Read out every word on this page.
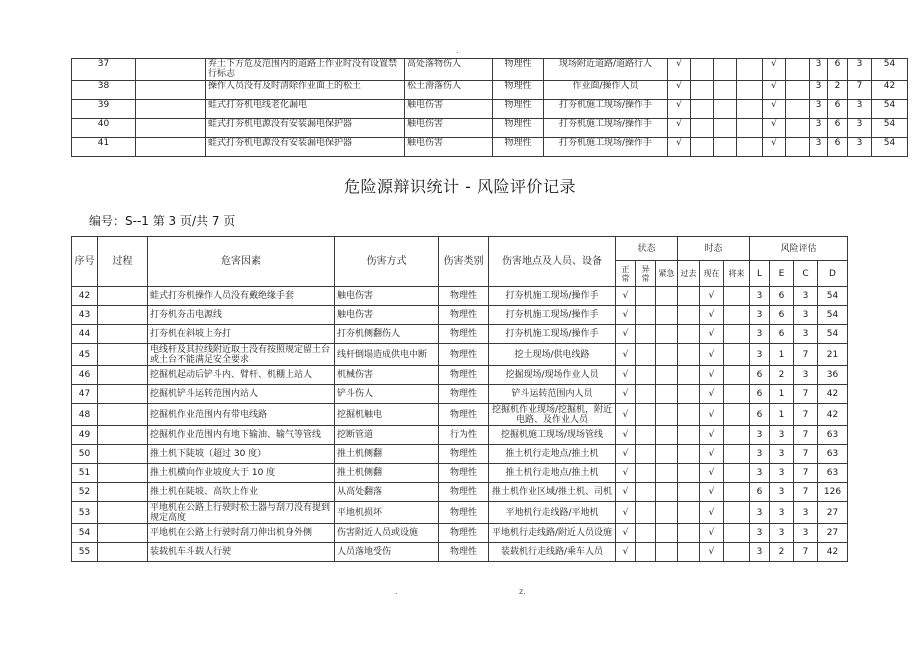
.
37		弃土下方危及范围内的道路上作业时没有设置禁行标志	高处落物伤人	物理性	现场附近道路/道路行人	√				√		3	6	3	54
38		操作人员没有及时清除作业面上的松土	松土滑落伤人	物理性	作业面/操作人员	√				√		3	2	7	42
39		蛙式打夯机电线老化漏电	触电伤害	物理性	打夯机施工现场/操作手	√				√		3	6	3	54
40		蛙式打夯机电源没有安装漏电保护器	触电伤害	物理性	打夯机施工现场/操作手	√				√		3	6	3	54
41		蛙式打夯机电源没有安装漏电保护器	触电伤害	物理性	打夯机施工现场/操作手	√				√		3	6	3	54
危险源辩识统计 - 风险评价记录
编号：S--1 第 3 页/共 7 页
序号	过程	危害因素	伤害方式	伤害类别	伤害地点及人员、设备	状态			时态			风险评估			
						正常	异常	紧急	过去	现在	将来	L	E	C	D
42		蛙式打夯机操作人员没有戴绝缘手套	触电伤害	物理性	打夯机施工现场/操作手	√				√		3	6	3	54
43		打夯机夯击电源线	触电伤害	物理性	打夯机施工现场/操作手	√				√		3	6	3	54
44		打夯机在斜坡上夯打	打夯机侧翻伤人	物理性	打夯机施工现场/操作手	√				√		3	6	3	54
45		电线杆及其拉线附近取土没有按照规定留土台或土台不能满足安全要求	线杆倒塌造成供电中断	物理性	挖土现场/供电线路	√				√		3	1	7	21
46		挖掘机起动后铲斗内、臂杆、机棚上站人	机械伤害	物理性	挖掘现场/现场作业人员	√				√		6	2	3	36
47		挖掘机铲斗运转范围内站人	铲斗伤人	物理性	铲斗运转范围内人员	√				√		6	1	7	42
48		挖掘机作业范围内有带电线路	挖掘机触电	物理性	挖掘机作业现场/挖掘机，附近电路、及作业人员	√				√		6	1	7	42
49		挖掘机作业范围内有地下输油、输气等管线	挖断管道	行为性	挖掘机施工现场/现场管线	√				√		3	3	7	63
50		推土机下陡坡（超过 30 度）	推土机侧翻	物理性	推土机行走地点/推土机	√				√		3	3	7	63
51		推土机横向作业坡度大于 10 度	推土机侧翻	物理性	推土机行走地点/推土机	√				√		3	3	7	63
52		推土机在陡坡、高坎上作业	从高处翻落	物理性	推土机作业区域/推土机、司机	√				√		6	3	7	126
53		平地机在公路上行驶时松土器与刮刀没有提到规定高度	平地机损坏	物理性	平地机行走线路/平地机	√				√		3	3	3	27
54		平地机在公路上行驶时刮刀伸出机身外侧	伤害附近人员或设施	物理性	平地机行走线路/附近人员设施	√				√		3	3	3	27
55		装载机车斗载人行驶	人员落地受伤	物理性	装载机行走线路/乘车人员	√				√		3	2	7	42
.	z.
